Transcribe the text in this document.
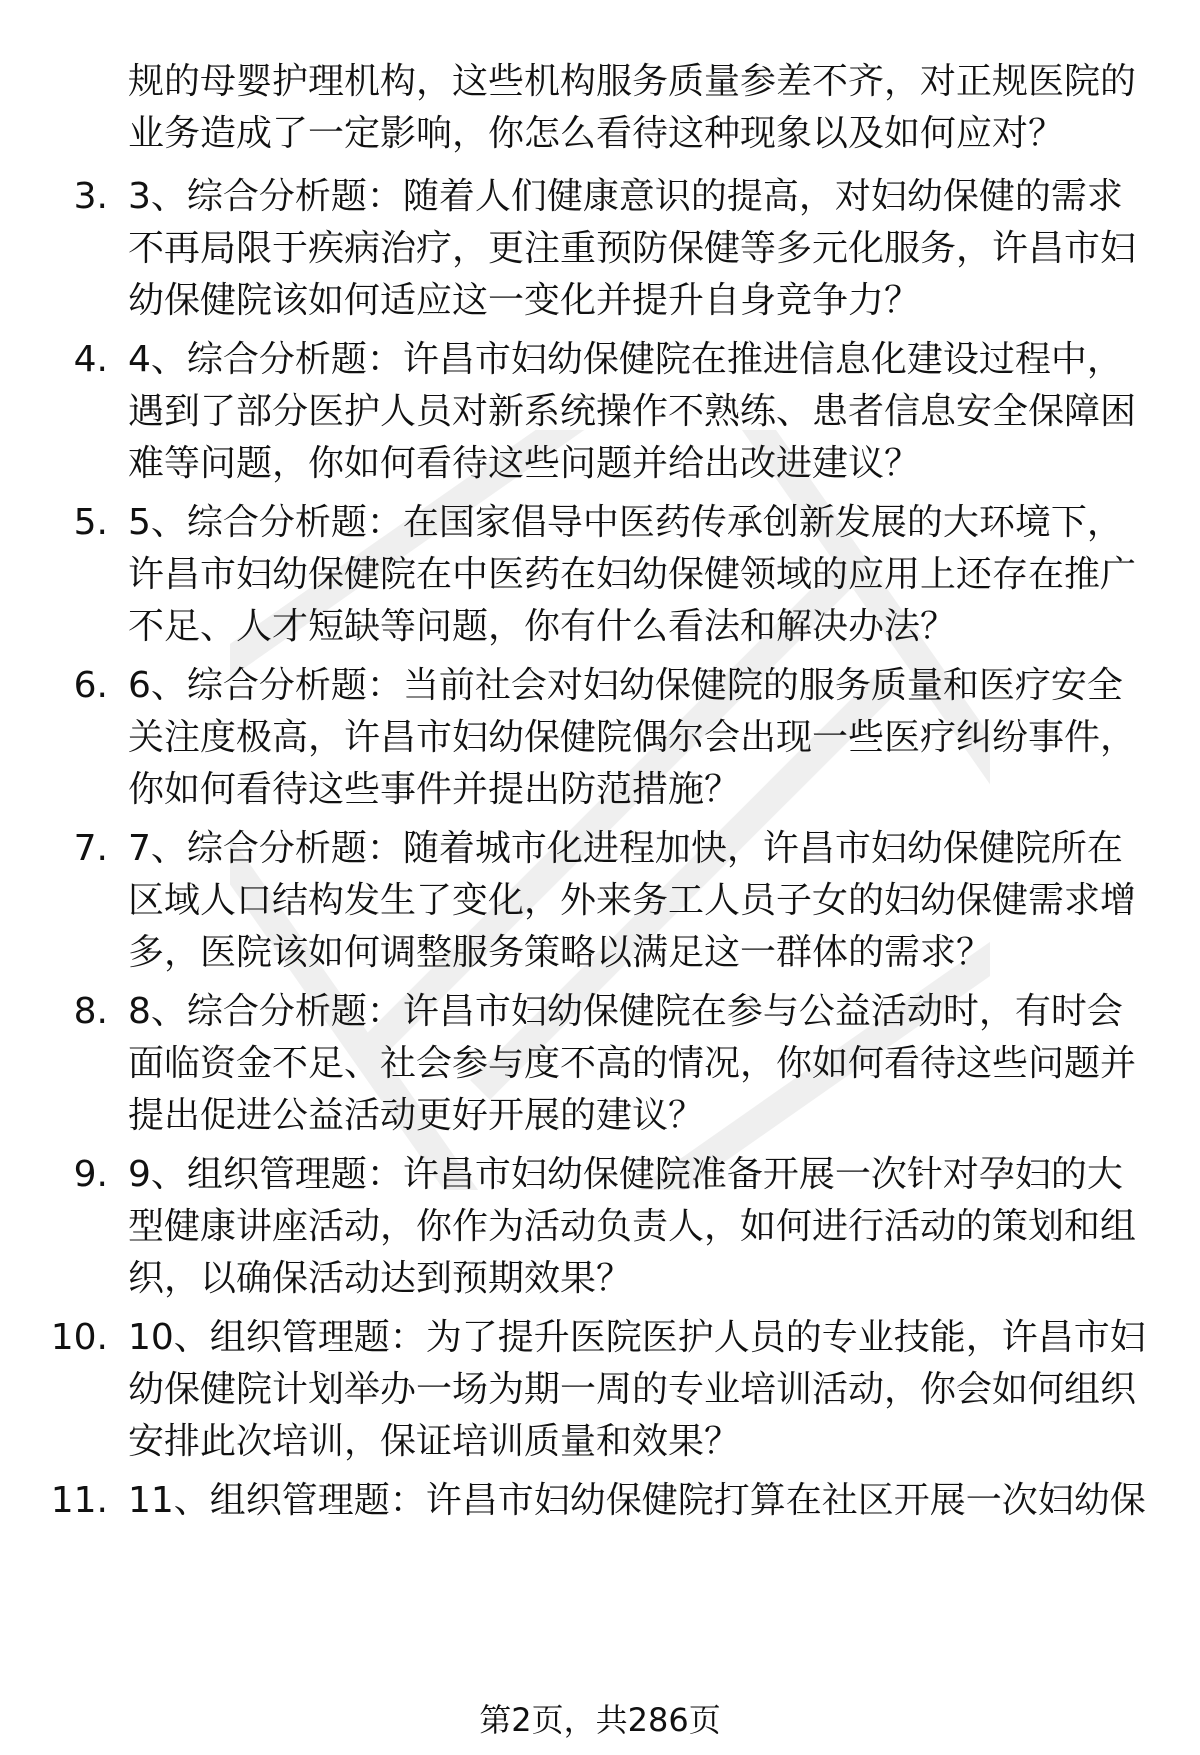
规的母婴护理机构，这些机构服务质量参差不齐，对正规医院的业务造成了一定影响，你怎么看待这种现象以及如何应对？

3. 3、综合分析题：随着人们健康意识的提高，对妇幼保健的需求不再局限于疾病治疗，更注重预防保健等多元化服务，许昌市妇幼保健院该如何适应这一变化并提升自身竞争力？

4. 4、综合分析题：许昌市妇幼保健院在推进信息化建设过程中，遇到了部分医护人员对新系统操作不熟练、患者信息安全保障困难等问题，你如何看待这些问题并给出改进建议？

5. 5、综合分析题：在国家倡导中医药传承创新发展的大环境下，许昌市妇幼保健院在中医药在妇幼保健领域的应用上还存在推广不足、人才短缺等问题，你有什么看法和解决办法？

6. 6、综合分析题：当前社会对妇幼保健院的服务质量和医疗安全关注度极高，许昌市妇幼保健院偶尔会出现一些医疗纠纷事件，你如何看待这些事件并提出防范措施？

7. 7、综合分析题：随着城市化进程加快，许昌市妇幼保健院所在区域人口结构发生了变化，外来务工人员子女的妇幼保健需求增多，医院该如何调整服务策略以满足这一群体的需求？

8. 8、综合分析题：许昌市妇幼保健院在参与公益活动时，有时会面临资金不足、社会参与度不高的情况，你如何看待这些问题并提出促进公益活动更好开展的建议？

9. 9、组织管理题：许昌市妇幼保健院准备开展一次针对孕妇的大型健康讲座活动，你作为活动负责人，如何进行活动的策划和组织，以确保活动达到预期效果？

10. 10、组织管理题：为了提升医院医护人员的专业技能，许昌市妇幼保健院计划举办一场为期一周的专业培训活动，你会如何组织安排此次培训，保证培训质量和效果？

11. 11、组织管理题：许昌市妇幼保健院打算在社区开展一次妇幼保

第2页，共286页
